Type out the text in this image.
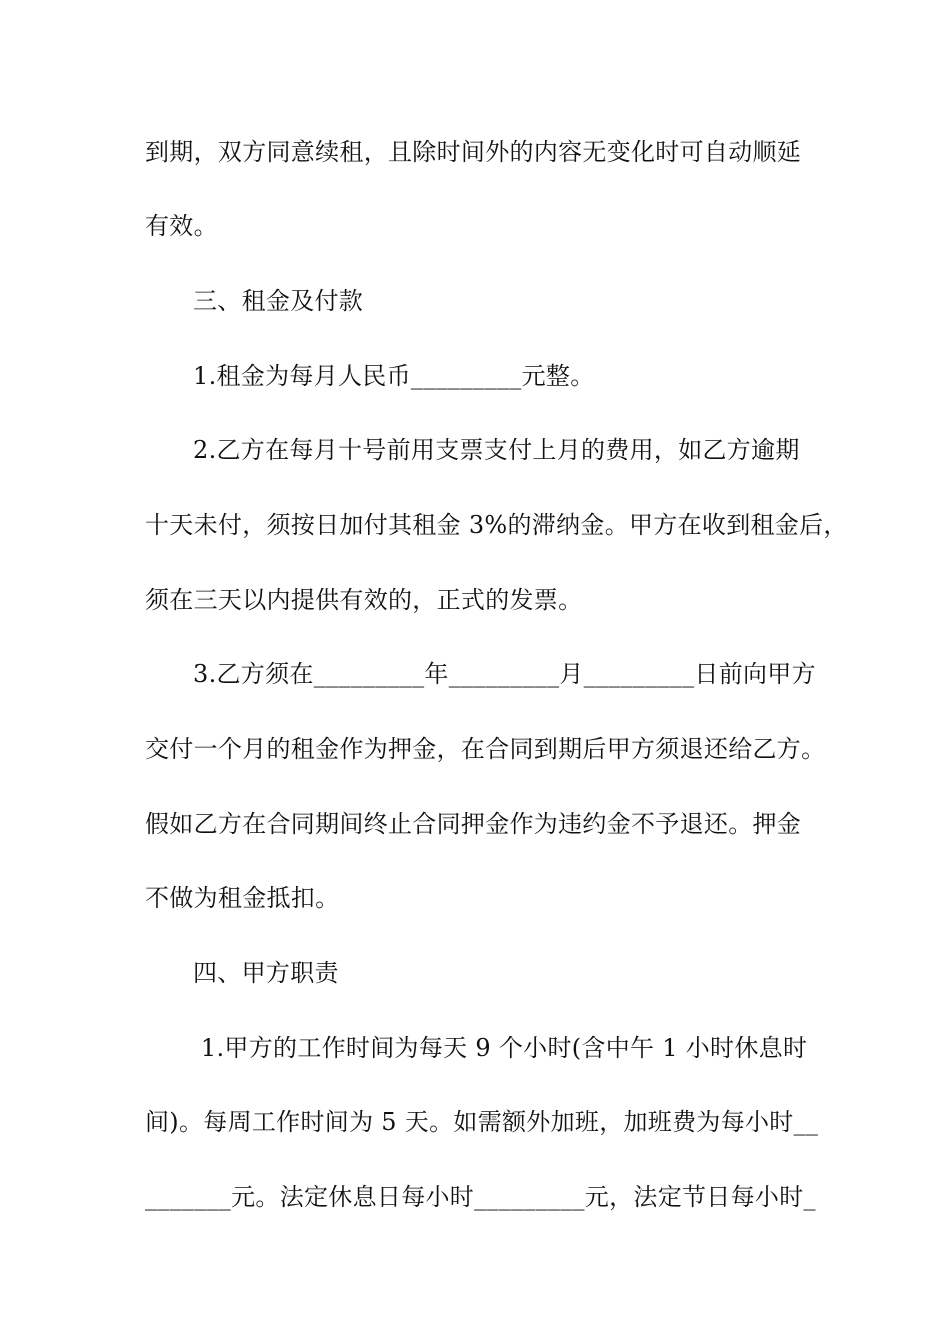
到期，双方同意续租，且除时间外的内容无变化时可自动顺延
有效。
三、租金及付款
1.租金为每月人民币_________元整。
2.乙方在每月十号前用支票支付上月的费用，如乙方逾期
十天未付，须按日加付其租金 3%的滞纳金。甲方在收到租金后，
须在三天以内提供有效的，正式的发票。
3.乙方须在_________年_________月_________日前向甲方
交付一个月的租金作为押金，在合同到期后甲方须退还给乙方。
假如乙方在合同期间终止合同押金作为违约金不予退还。押金
不做为租金抵扣。
四、甲方职责
1.甲方的工作时间为每天 9 个小时(含中午 1 小时休息时
间)。每周工作时间为 5 天。如需额外加班，加班费为每小时__
_______元。法定休息日每小时_________元，法定节日每小时_
